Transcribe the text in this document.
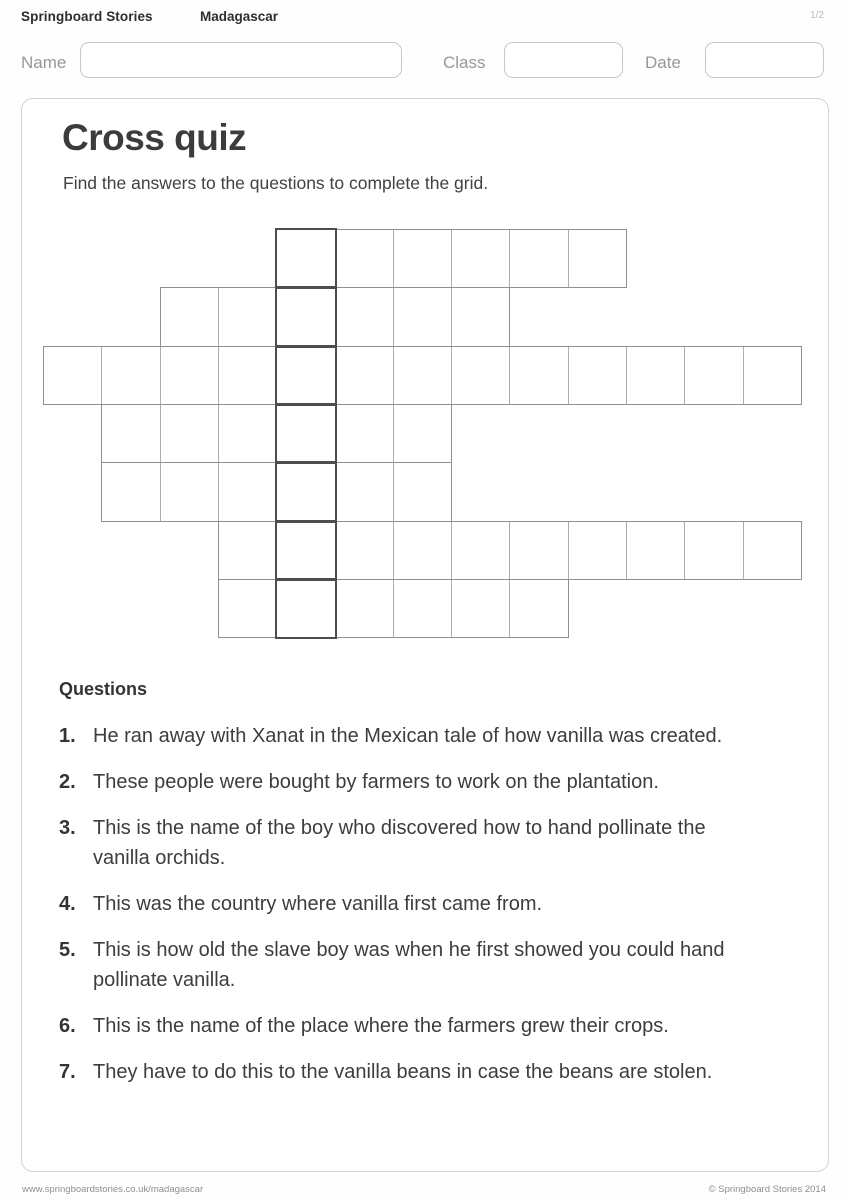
Springboard Stories	Madagascar	1/2
Name	Class	Date
Cross quiz

Find the answers to the questions to complete the grid.

Questions
1. He ran away with Xanat in the Mexican tale of how vanilla was created.
2. These people were bought by farmers to work on the plantation.
3. This is the name of the boy who discovered how to hand pollinate the vanilla orchids.
4. This was the country where vanilla first came from.
5. This is how old the slave boy was when he first showed you could hand pollinate vanilla.
6. This is the name of the place where the farmers grew their crops.
7. They have to do this to the vanilla beans in case the beans are stolen.
www.springboardstories.co.uk/madagascar	© Springboard Stories 2014
